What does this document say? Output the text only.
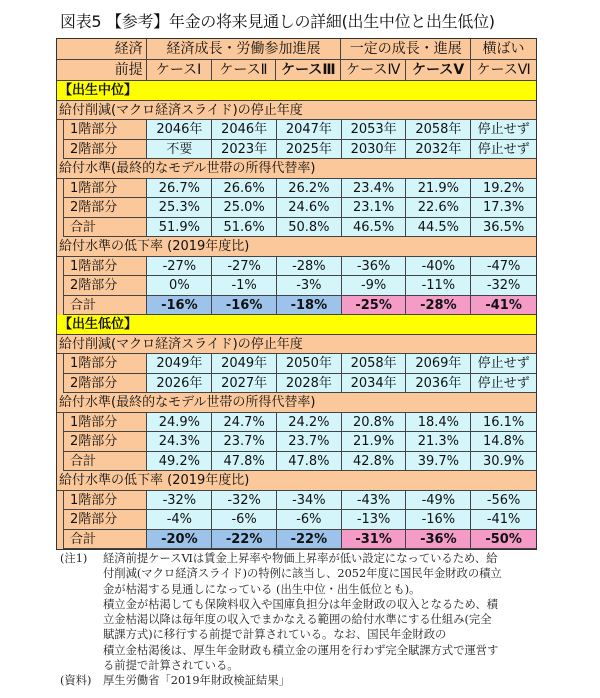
図表5 【参考】年金の将来見通しの詳細(出生中位と出生低位)
経済	経済成長・労働参加進展	一定の成長・進展	横ばい
前提 ケースⅠ	ケースⅡ ケースⅢ ケースⅣ ケースⅤ ケースⅥ
【出生中位】
給付削減(マクロ経済スライド)の停止年度
1階部分	2046年	2046年	2047年	2053年	2058年	停止せず
2階部分	不要	2023年	2025年	2030年	2032年	停止せず
給付水準(最終的なモデル世帯の所得代替率)
1階部分	26.7%	26.6%	26.2%	23.4%	21.9%	19.2%
2階部分	25.3%	25.0%	24.6%	23.1%	22.6%	17.3%
合計	51.9%	51.6%	50.8%	46.5%	44.5%	36.5%
給付水準の低下率 (2019年度比)
1階部分	-27%	-27%	-28%	-36%	-40%	-47%
2階部分	0%	-1%	-3%	-9%	-11%	-32%
合計	-16%	-16%	-18%	-25%	-28%	-41%
【出生低位】
給付削減(マクロ経済スライド)の停止年度
1階部分	2049年	2049年	2050年	2058年	2069年	停止せず
2階部分	2026年	2027年	2028年	2034年	2036年	停止せず
給付水準(最終的なモデル世帯の所得代替率)
1階部分	24.9%	24.7%	24.2%	20.8%	18.4%	16.1%
2階部分	24.3%	23.7%	23.7%	21.9%	21.3%	14.8%
合計	49.2%	47.8%	47.8%	42.8%	39.7%	30.9%
給付水準の低下率 (2019年度比)
1階部分	-32%	-32%	-34%	-43%	-49%	-56%
2階部分	-4%	-6%	-6%	-13%	-16%	-41%
合計	-20%	-22%	-22%	-31%	-36%	-50%
(注1)	経済前提ケースⅥは賃金上昇率や物価上昇率が低い設定になっているため、給
付削減(マクロ経済スライド)の特例に該当し、2052年度に国民年金財政の積立
金が枯渇する見通しになっている (出生中位・出生低位とも)。
積立金が枯渇しても保険料収入や国庫負担分は年金財政の収入となるため、積
立金枯渇以降は毎年度の収入でまかなえる範囲の給付水準にする仕組み(完全
賦課方式)に移行する前提で計算されている。なお、国民年金財政の
積立金枯渇後は、厚生年金財政も積立金の運用を行わず完全賦課方式で運営す
る前提で計算されている。
(資料)	厚生労働省「2019年財政検証結果」
